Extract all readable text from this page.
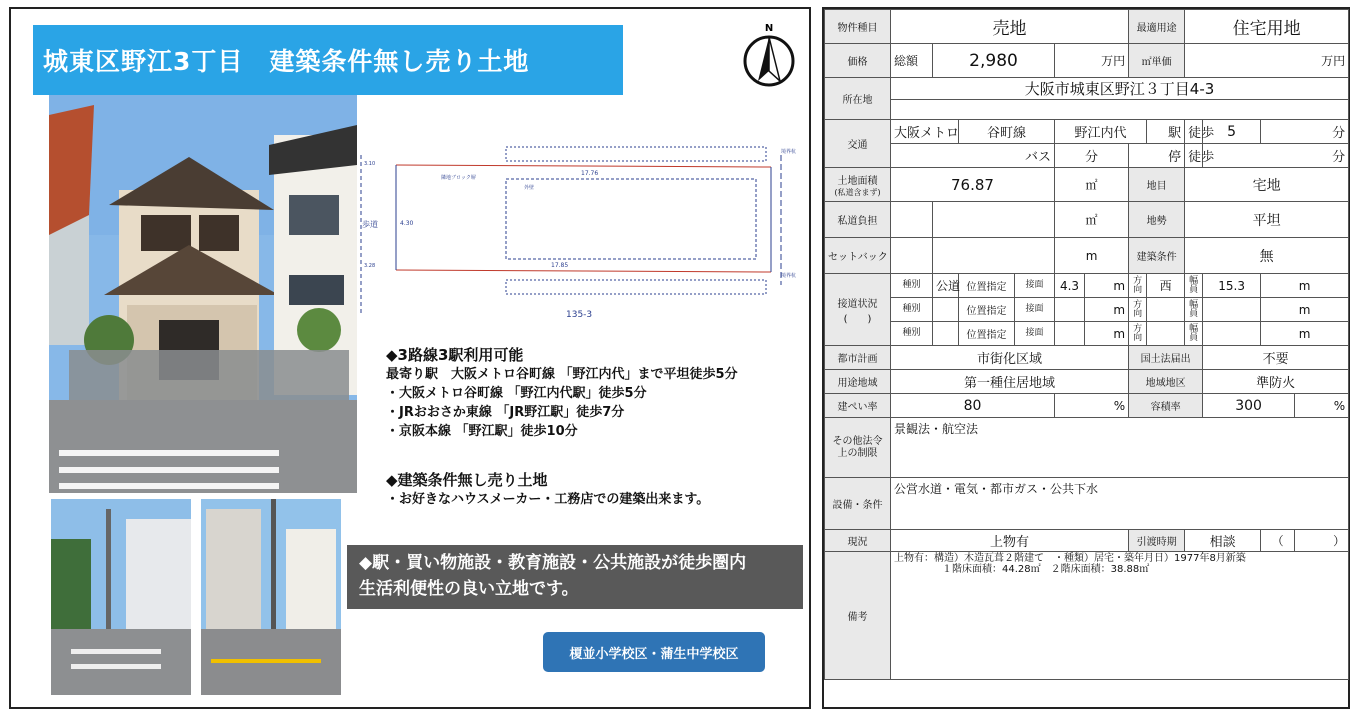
城東区野江3丁目　建築条件無し売り土地
N
135-3
歩道	4.30
17.76
17.85
3.10
3.28
隣地ブロック塀
外壁
境界杭
境界杭
◆3路線3駅利用可能
最寄り駅　大阪メトロ谷町線 「野江内代」まで平坦徒歩5分
・大阪メトロ谷町線 「野江内代駅」徒歩5分
・JRおおさか東線 「JR野江駅」徒歩7分
・京阪本線 「野江駅」徒歩10分
◆建築条件無し売り土地
・お好きなハウスメーカー・工務店での建築出来ます。
◆駅・買い物施設・教育施設・公共施設が徒歩圏内
生活利便性の良い立地です。
榎並小学校区・蒲生中学校区
物件種目	売地						最適用途		住宅用地			
価格	総額	2,980			万円		㎡単価		万円			
所在地	大阪市城東区野江３丁目4-3											

交通	大阪メトロ		谷町線		野江内代			駅	徒歩	5	分	
	バス				分		停		徒歩	分		

土地面積
(私道含まず)	76.87				㎡		地目		宅地			
私道負担					㎡		地勢		平坦			
セットバック					m		建築条件		無			

接道状況
(　　)	種別	公道	位置指定	接面	4.3	m	方向	西	幅員	15.3	m	
	種別		位置指定	接面		m	方向		幅員		m	
	種別		位置指定	接面		m	方向		幅員		m	
都市計画	市街化区域						国土法届出			不要		
用途地域	第一種住居地域						地域地区			準防火		
建ぺい率	80				%		容積率			300		%
その他法令上の制限	景観法・航空法											
設備・条件	公営水道・電気・都市ガス・公共下水											
現況	上物有						引渡時期		相談		（	）
備考	上物有：構造）木造瓦葺２階建て　・種類）居宅・築年月日）1977年8月新築
１階床面積：44.28㎡　２階床面積：38.88㎡											
